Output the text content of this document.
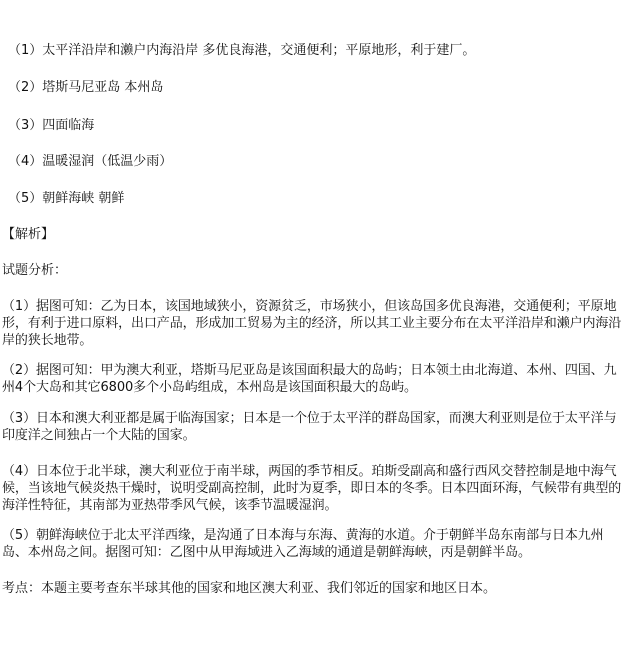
（1）太平洋沿岸和濑户内海沿岸 多优良海港，交通便利；平原地形，利于建厂。
（2）塔斯马尼亚岛 本州岛
（3）四面临海
（4）温暖湿润（低温少雨）
（5）朝鲜海峡 朝鲜
【解析】
试题分析：
（1）据图可知：乙为日本，该国地域狭小，资源贫乏，市场狭小，但该岛国多优良海港，交通便利；平原地形，有利于进口原料，出口产品，形成加工贸易为主的经济，所以其工业主要分布在太平洋沿岸和濑户内海沿岸的狭长地带。
（2）据图可知：甲为澳大利亚，塔斯马尼亚岛是该国面积最大的岛屿；日本领土由北海道、本州、四国、九州4个大岛和其它6800多个小岛屿组成，本州岛是该国面积最大的岛屿。
（3）日本和澳大利亚都是属于临海国家；日本是一个位于太平洋的群岛国家，而澳大利亚则是位于太平洋与印度洋之间独占一个大陆的国家。
（4）日本位于北半球，澳大利亚位于南半球，两国的季节相反。珀斯受副高和盛行西风交替控制是地中海气候，当该地气候炎热干燥时，说明受副高控制，此时为夏季，即日本的冬季。日本四面环海，气候带有典型的海洋性特征，其南部为亚热带季风气候，该季节温暖湿润。
（5）朝鲜海峡位于北太平洋西缘，是沟通了日本海与东海、黄海的水道。介于朝鲜半岛东南部与日本九州岛、本州岛之间。据图可知：乙图中从甲海域进入乙海域的通道是朝鲜海峡，丙是朝鲜半岛。
考点：本题主要考查东半球其他的国家和地区澳大利亚、我们邻近的国家和地区日本。
